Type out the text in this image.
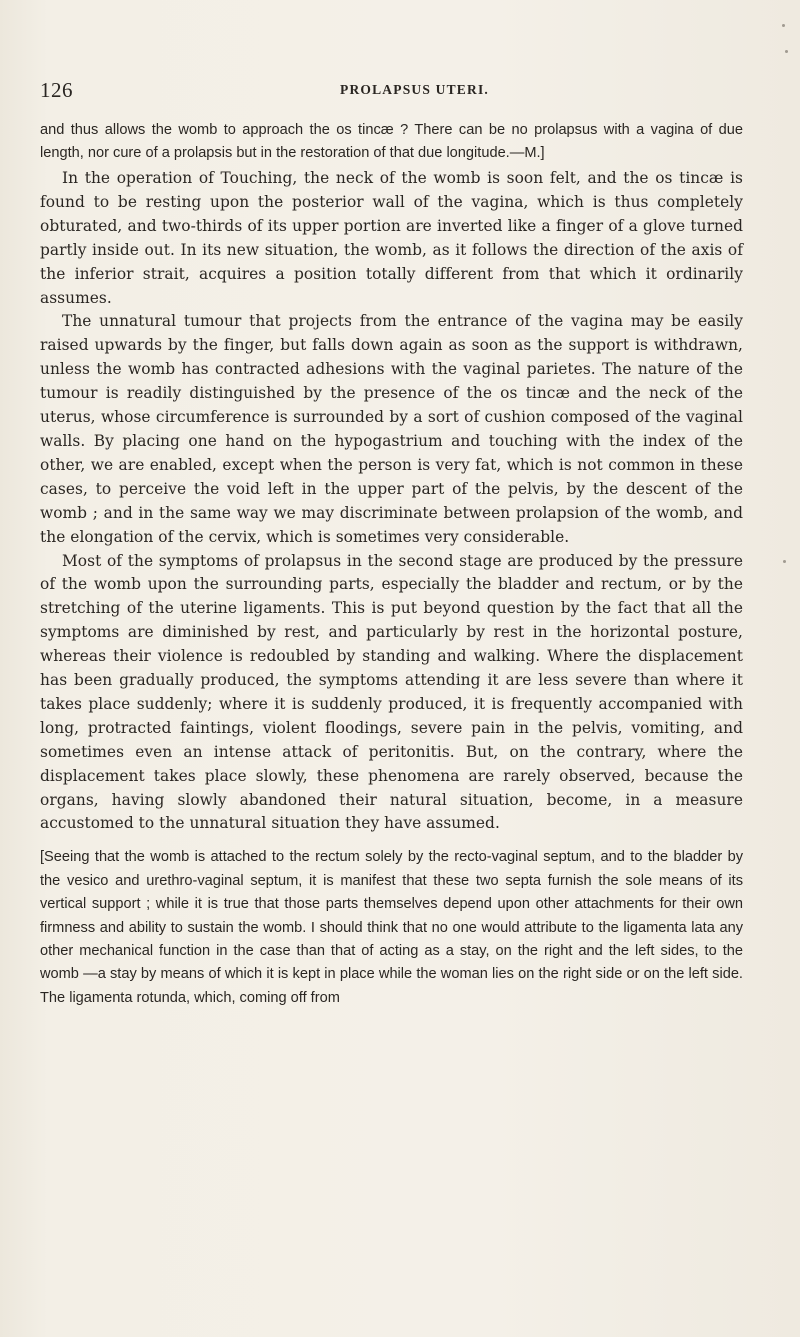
126	PROLAPSUS UTERI.

and thus allows the womb to approach the os tincæ ? There can be no prolapsus with a vagina of due length, nor cure of a prolapsis but in the restoration of that due longitude.—M.]

In the operation of Touching, the neck of the womb is soon felt, and the os tincæ is found to be resting upon the posterior wall of the vagina, which is thus completely obturated, and two-thirds of its upper portion are inverted like a finger of a glove turned partly inside out. In its new situation, the womb, as it follows the direction of the axis of the inferior strait, acquires a position totally different from that which it ordinarily assumes.

The unnatural tumour that projects from the entrance of the vagina may be easily raised upwards by the finger, but falls down again as soon as the support is withdrawn, unless the womb has contracted adhesions with the vaginal parietes. The nature of the tumour is readily distinguished by the presence of the os tincæ and the neck of the uterus, whose circumference is surrounded by a sort of cushion composed of the vaginal walls. By placing one hand on the hypogastrium and touching with the index of the other, we are enabled, except when the person is very fat, which is not common in these cases, to perceive the void left in the upper part of the pelvis, by the descent of the womb ; and in the same way we may discriminate between prolapsion of the womb, and the elongation of the cervix, which is sometimes very considerable.

Most of the symptoms of prolapsus in the second stage are produced by the pressure of the womb upon the surrounding parts, especially the bladder and rectum, or by the stretching of the uterine ligaments. This is put beyond question by the fact that all the symptoms are diminished by rest, and particularly by rest in the horizontal posture, whereas their violence is redoubled by standing and walking. Where the displacement has been gradually produced, the symptoms attending it are less severe than where it takes place suddenly; where it is suddenly produced, it is frequently accompanied with long, protracted faintings, violent floodings, severe pain in the pelvis, vomiting, and sometimes even an intense attack of peritonitis. But, on the contrary, where the displacement takes place slowly, these phenomena are rarely observed, because the organs, having slowly abandoned their natural situation, become, in a measure accustomed to the unnatural situation they have assumed.

[Seeing that the womb is attached to the rectum solely by the recto-vaginal septum, and to the bladder by the vesico and urethro-vaginal septum, it is manifest that these two septa furnish the sole means of its vertical support ; while it is true that those parts themselves depend upon other attachments for their own firmness and ability to sustain the womb. I should think that no one would attribute to the ligamenta lata any other mechanical function in the case than that of acting as a stay, on the right and the left sides, to the womb —a stay by means of which it is kept in place while the woman lies on the right side or on the left side. The ligamenta rotunda, which, coming off from
